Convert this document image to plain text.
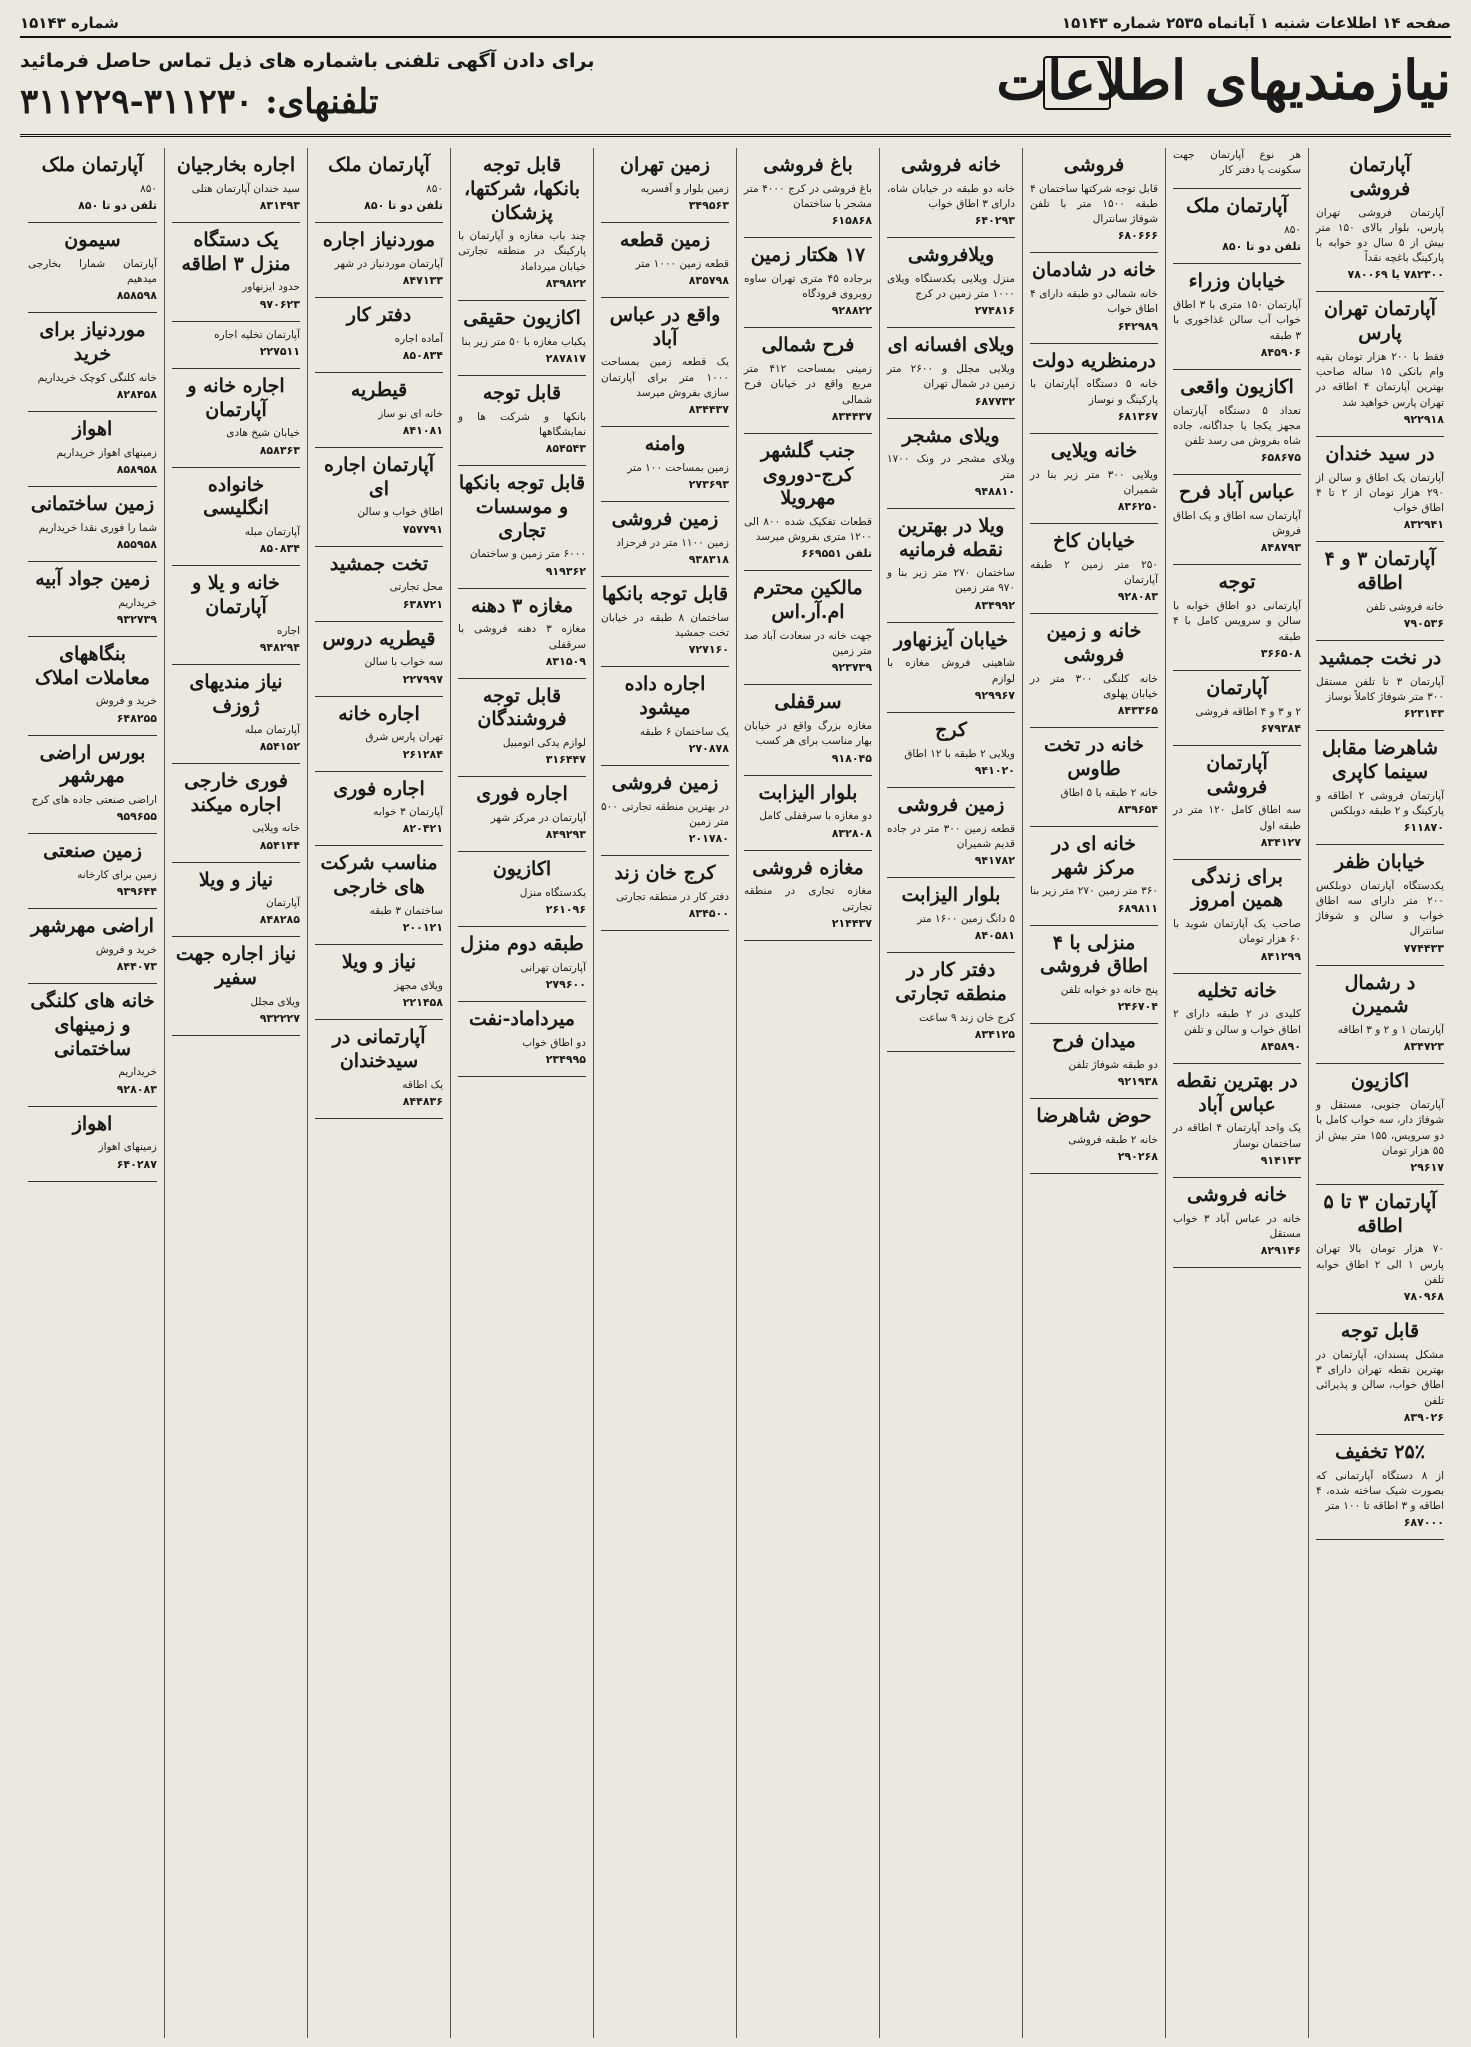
صفحه ۱۴ اطلاعات شنبه ۱ آبانماه ۲۵۳۵ شماره ۱۵۱۴۳
شماره ۱۵۱۴۳
نیازمندیهای اطلاعات
برای دادن آگهی تلفنی باشماره های ذیل تماس حاصل فرمائید
تلفنهای: ۳۱۱۲۳۰-۳۱۱۲۲۹
آپارتمان فروشی

آپارتمان فروشی تهران پارس، بلوار بالای ۱۵۰ متر بیش از ۵ سال دو خوابه با پارکینگ باغچه نقداً

۷۸۲۳۰۰ یا ۷۸۰۰۶۹
آپارتمان تهران پارس

فقط با ۲۰۰ هزار تومان بقیه وام بانکی ۱۵ ساله صاحب بهترین آپارتمان ۴ اطاقه در تهران پارس خواهید شد

۹۲۲۹۱۸
در سید خندان

آپارتمان یک اطاق و سالن از ۲۹۰ هزار تومان از ۲ تا ۴ اطاق خواب

۸۳۲۹۴۱
آپارتمان ۳ و ۴ اطاقه

خانه فروشی تلفن

۷۹۰۵۳۶
در نخت جمشید

آپارتمان ۳ تا تلفن مستقل ۳۰۰ متر شوفاژ کاملاً نوساز

۶۲۳۱۴۳
شاهرضا مقابل سینما کاپری

آپارتمان فروشی ۲ اطاقه و پارکینگ و ۲ طبقه دوبلکس

۶۱۱۸۷۰
خیابان ظفر

یکدستگاه آپارتمان دوبلکس ۲۰۰ متر دارای سه اطاق خواب و سالن و شوفاژ سانترال

۷۷۴۴۳۳
د رشمال شمیرن

آپارتمان ۱ و ۲ و ۳ اطاقه

۸۳۴۷۲۳
اکازیون

آپارتمان جنوبی، مستقل و شوفاژ دار، سه خواب کامل با دو سرویس، ۱۵۵ متر بیش از ۵۵ هزار تومان

۲۹۶۱۷
آپارتمان ۳ تا ۵ اطاقه

۷۰ هزار تومان بالا تهران پارس ۱ الی ۲ اطاق خوابه تلفن

۷۸۰۹۶۸
قابل توجه

مشکل پسندان، آپارتمان در بهترین نقطه تهران دارای ۳ اطاق خواب، سالن و پذیرائی تلفن

۸۳۹۰۲۶
۲۵٪ تخفیف

از ۸ دستگاه آپارتمانی که بصورت شیک ساخته شده، ۴ اطاقه و ۳ اطاقه تا ۱۰۰ متر

۶۸۷۰۰۰

هر نوع آپارتمان جهت سکونت یا دفتر کار

آپارتمان ملک

۸۵۰

تلفن دو تا ۸۵۰
خیابان وزراء

آپارتمان ۱۵۰ متری با ۳ اطاق خواب آب سالن غذاخوری با ۳ طبقه

۸۴۵۹۰۶
اکازیون واقعی

تعداد ۵ دستگاه آپارتمان مجهز یکجا یا جداگانه، جاده شاه بفروش می رسد تلفن

۶۵۸۶۷۵
عباس آباد فرح

آپارتمان سه اطاق و یک اطاق فروش

۸۴۸۷۹۳
توجه

آپارتمانی دو اطاق خوابه با سالن و سرویس کامل با ۴ طبقه

۳۶۶۵۰۸
آپارتمان

۲ و ۳ و ۴ اطاقه فروشی

۶۷۹۳۸۴
آپارتمان فروشی

سه اطاق کامل ۱۲۰ متر در طبقه اول

۸۳۴۱۲۷
برای زندگی همین امروز

صاحب یک آپارتمان شوید با ۶۰ هزار تومان

۸۴۱۲۹۹
خانه تخلیه

کلیدی در ۲ طبقه دارای ۲ اطاق خواب و سالن و تلفن

۸۴۵۸۹۰
در بهترین نقطه عباس آباد

یک واحد آپارتمان ۴ اطاقه در ساختمان نوساز

۹۱۴۱۴۳
خانه فروشی

خانه در عباس آباد ۳ خواب مستقل

۸۲۹۱۴۶
فروشی

قابل توجه شرکتها ساختمان ۴ طبقه ۱۵۰۰ متر با تلفن شوفاژ سانترال

۶۸۰۶۶۶
خانه در شادمان

خانه شمالی دو طبقه دارای ۴ اطاق خواب

۶۴۲۹۸۹
درمنظریه دولت

خانه ۵ دستگاه آپارتمان با پارکینگ و نوساز

۶۸۱۳۶۷
خانه ویلایی

ویلایی ۳۰۰ متر زیر بنا در شمیران

۸۳۶۲۵۰
خیابان کاخ

۲۵۰ متر زمین ۲ طبقه آپارتمان

۹۲۸۰۸۳
خانه و زمین فروشی

خانه کلنگی ۳۰۰ متر در خیابان پهلوی

۸۴۳۳۶۵
خانه در تخت طاوس

خانه ۲ طبقه با ۵ اطاق

۸۳۹۶۵۴
خانه ای در مرکز شهر

۳۶۰ متر زمین ۲۷۰ متر زیر بنا

۶۸۹۸۱۱
منزلی با ۴ اطاق فروشی

پنج خانه دو خوابه تلفن

۲۴۶۷۰۴
میدان فرح

دو طبقه شوفاژ تلفن

۹۲۱۹۳۸
حوض شاهرضا

خانه ۲ طبقه فروشی

۲۹۰۲۶۸
خانه فروشی

خانه دو طبقه در خیابان شاه، دارای ۳ اطاق خواب

۶۴۰۲۹۳
ویلافروشی

منزل ویلایی یکدستگاه ویلای ۱۰۰۰ متر زمین در کرج

۲۷۴۸۱۶
ویلای افسانه ای

ویلایی مجلل و ۲۶۰۰ متر زمین در شمال تهران

۶۸۷۷۳۲
ویلای مشجر

ویلای مشجر در ونک ۱۷۰۰ متر

۹۴۸۸۱۰
ویلا در بهترین نقطه فرمانیه

ساختمان ۲۷۰ متر زیر بنا و ۹۷۰ متر زمین

۸۳۴۹۹۲
خیابان آیزنهاور

شاهینی فروش مغازه با لوازم

۹۲۹۹۶۷
کرج

ویلایی ۲ طبقه با ۱۲ اطاق

۹۴۱۰۲۰
زمین فروشی

قطعه زمین ۳۰۰ متر در جاده قدیم شمیران

۹۴۱۷۸۲
بلوار الیزابت

۵ دانگ زمین ۱۶۰۰ متر

۸۴۰۵۸۱
دفتر کار در منطقه تجارتی

کرج خان زند ۹ ساعت

۸۳۴۱۲۵
باغ فروشی

باغ فروشی در کرج ۴۰۰۰ متر مشجر با ساختمان

۶۱۵۸۶۸
۱۷ هکتار زمین

برجاده ۴۵ متری تهران ساوه روبروی فرودگاه

۹۲۸۸۲۲
فرح شمالی

زمینی بمساحت ۴۱۲ متر مربع واقع در خیابان فرح شمالی

۸۳۴۴۳۷
جنب گلشهر کرج-دوروی مهرویلا

قطعات تفکیک شده ۸۰۰ الی ۱۲۰۰ متری بفروش میرسد

تلفن ۶۶۹۵۵۱
مالکین محترم ام.آر.اس

جهت خانه در سعادت آباد صد متر زمین

۹۲۳۷۳۹
سرقفلی

مغازه بزرگ واقع در خیابان بهار مناسب برای هر کسب

۹۱۸۰۴۵
بلوار الیزابت

دو مغازه با سرقفلی کامل

۸۳۲۸۰۸
مغازه فروشی

مغازه تجاری در منطقه تجارتی

۲۱۴۴۳۷
زمین تهران

زمین بلوار و آفسریه

۳۴۹۵۶۳
زمین قطعه

قطعه زمین ۱۰۰۰ متر

۸۳۵۷۹۸
واقع در عباس آباد

یک قطعه زمین بمساحت ۱۰۰۰ متر برای آپارتمان سازی بفروش میرسد

۸۳۴۴۳۷
وامنه

زمین بمساحت ۱۰۰ متر

۲۷۳۶۹۳
زمین فروشی

زمین ۱۱۰۰ متر در فرحزاد

۹۳۸۳۱۸
قابل توجه بانکها

ساختمان ۸ طبقه در خیابان تخت جمشید

۷۲۷۱۶۰
اجاره داده میشود

یک ساختمان ۶ طبقه

۲۷۰۸۷۸
زمین فروشی

در بهترین منطقه تجارتی ۵۰۰ متر زمین

۲۰۱۷۸۰
کرج خان زند

دفتر کار در منطقه تجارتی

۸۳۴۵۰۰
قابل توجه بانکها، شرکتها، پزشکان

چند باب مغازه و آپارتمان با پارکینگ در منطقه تجارتی خیابان میرداماد

۸۳۹۸۲۲
اکازیون حقیقی

یکباب مغازه با ۵۰ متر زیر بنا

۲۸۷۸۱۷
قابل توجه

بانکها و شرکت ها و نمایشگاهها

۸۵۴۵۴۳
قابل توجه بانکها و موسسات تجاری

۶۰۰۰ متر زمین و ساختمان

۹۱۹۳۶۲
مغازه ۳ دهنه

مغازه ۳ دهنه فروشی با سرقفلی

۸۳۱۵۰۹
قابل توجه فروشندگان

لوازم یدکی اتومبیل

۳۱۶۴۴۷
اجاره فوری

آپارتمان در مرکز شهر

۸۴۹۲۹۳
اکازیون

یکدستگاه منزل

۲۶۱۰۹۶
طبقه دوم منزل

آپارتمان تهرانی

۲۷۹۶۰۰
میرداماد-نفت

دو اطاق خواب

۲۳۴۹۹۵
آپارتمان ملک

۸۵۰

تلفن دو تا ۸۵۰
موردنیاز اجاره

آپارتمان موردنیاز در شهر

۸۴۷۱۳۳
دفتر کار

آماده اجاره

۸۵۰۸۳۴
قیطریه

خانه ای نو ساز

۸۴۱۰۸۱
آپارتمان اجاره ای

اطاق خواب و سالن

۷۵۷۷۹۱
تخت جمشید

محل تجارتی

۶۳۸۷۲۱
قیطریه دروس

سه خواب با سالن

۲۲۷۹۹۷
اجاره خانه

تهران پارس شرق

۲۶۱۲۸۴
اجاره فوری

آپارتمان ۳ خوابه

۸۲۰۴۲۱
مناسب شرکت های خارجی

ساختمان ۳ طبقه

۲۰۰۱۲۱
نیاز و ویلا

ویلای مجهز

۲۲۱۴۵۸
آپارتمانی در سیدخندان

یک اطاقه

۸۴۴۸۳۶
اجاره بخارجیان

سید خندان آپارتمان هتلی

۸۳۱۴۹۳
یک دستگاه منزل ۳ اطاقه

حدود ایزنهاور

۹۷۰۶۲۳

آپارتمان تخلیه اجاره

۲۲۷۵۱۱
اجاره خانه و آپارتمان

خیابان شیخ هادی

۸۵۸۳۶۳
خانواده انگلیسی

آپارتمان مبله

۸۵۰۸۳۴
خانه و یلا و آپارتمان

اجاره

۹۴۸۲۹۴
نیاز مندیهای ژوزف

آپارتمان مبله

۸۵۴۱۵۲
فوری خارجی اجاره میکند

خانه ویلایی

۸۵۴۱۴۴
نیاز و ویلا

آپارتمان

۸۴۸۲۸۵
نیاز اجاره جهت سفیر

ویلای مجلل

۹۳۲۲۲۷
آپارتمان ملک

۸۵۰

تلفن دو تا ۸۵۰
سیمون

آپارتمان شمارا بخارجی میدهیم

۸۵۸۵۹۸
موردنیاز برای خرید

خانه کلنگی کوچک خریداریم

۸۲۸۴۵۸
اهواز

زمینهای اهواز خریداریم

۸۵۸۹۵۸
زمین ساختمانی

شما را فوری نقدا خریداریم

۸۵۵۹۵۸
زمین جواد آبیه

خریداریم

۹۳۲۷۳۹
بنگاههای معاملات املاک

خرید و فروش

۶۴۸۲۵۵
بورس اراضی مهرشهر

اراضی صنعتی جاده های کرج

۹۵۹۶۵۵
زمین صنعتی

زمین برای کارخانه

۹۳۹۶۴۴
اراضی مهرشهر

خرید و فروش

۸۴۴۰۷۳
خانه های کلنگی و زمینهای ساختمانی

خریداریم

۹۲۸۰۸۳
اهواز

زمینهای اهواز

۶۴۰۲۸۷
